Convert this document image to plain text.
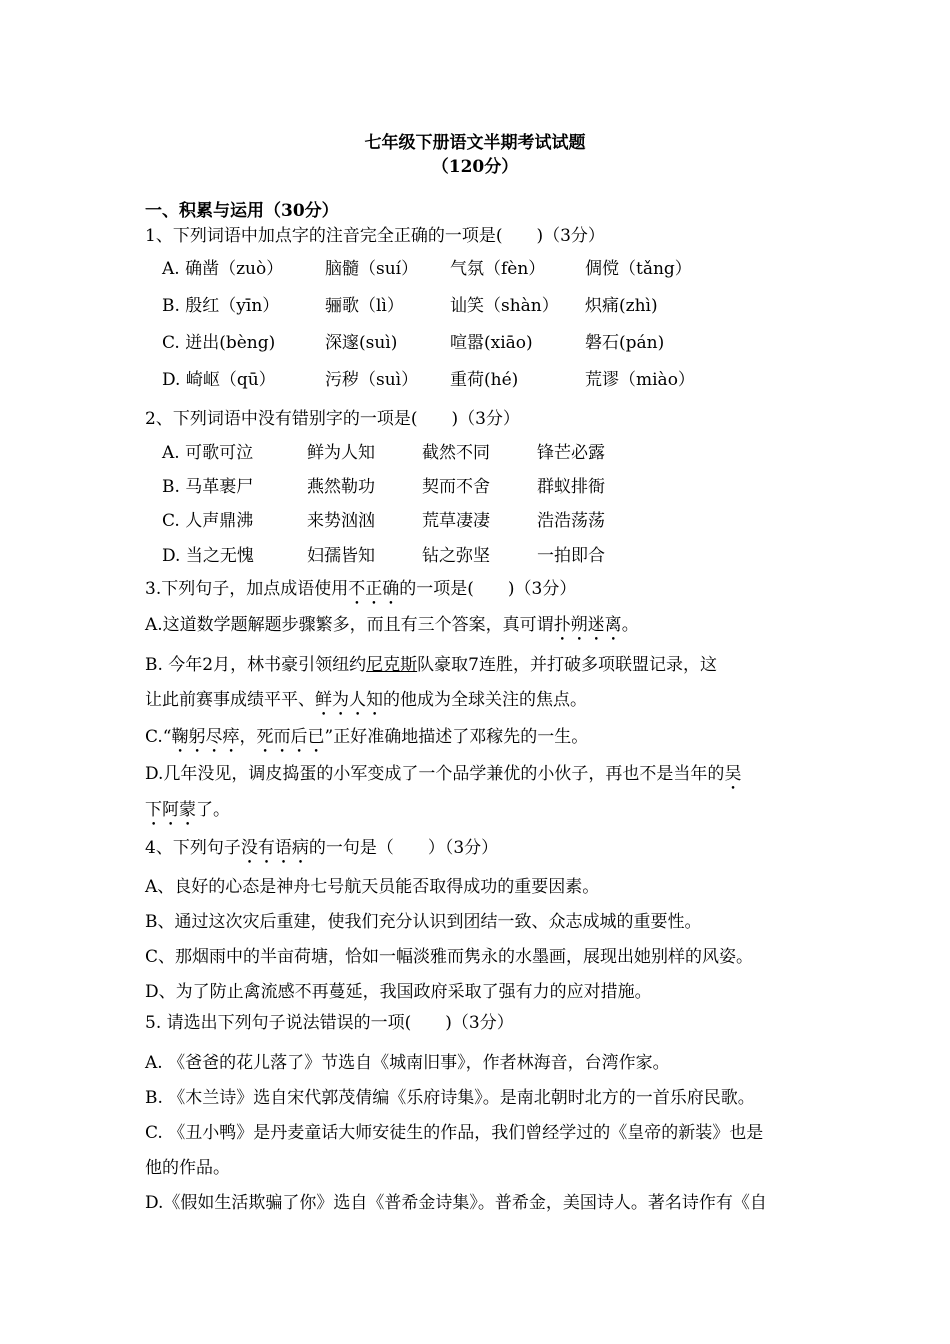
七年级下册语文半期考试试题
（120分）
一、积累与运用（30分）
1、下列词语中加点字的注音完全正确的一项是(　　)（3分）
A. 确凿（zuò） 脑髓（suí） 气氛（fèn） 倜傥（tǎng）
B. 殷红（yīn）	骊歌（lì）	讪笑（shàn） 炽痛(zhì)
C. 迸出(bèng)	深邃(suì)	喧嚣(xiāo)	磐石(pán)
D. 崎岖（qū）	污秽（suì） 重荷(hé)	荒谬（miào）
2、下列词语中没有错别字的一项是(　　)（3分）
A. 可歌可泣	鲜为人知	截然不同	锋芒必露
B. 马革裹尸	燕然勒功	契而不舍	群蚁排衙
C. 人声鼎沸	来势汹汹	荒草凄凄	浩浩荡荡
D. 当之无愧	妇孺皆知	钻之弥坚	一拍即合
3.下列句子，加点成语使用不正确的一项是(　　)（3分）
A.这道数学题解题步骤繁多，而且有三个答案，真可谓扑朔迷离。
B. 今年2月，林书豪引领纽约尼克斯队豪取7连胜，并打破多项联盟记录，这
让此前赛事成绩平平、鲜为人知的他成为全球关注的焦点。
C.“鞠躬尽瘁，死而后已”正好准确地描述了邓稼先的一生。
D.几年没见，调皮捣蛋的小军变成了一个品学兼优的小伙子，再也不是当年的吴
下阿蒙了。
4、下列句子没有语病的一句是（　　）（3分）
A、良好的心态是神舟七号航天员能否取得成功的重要因素。
B、通过这次灾后重建，使我们充分认识到团结一致、众志成城的重要性。
C、那烟雨中的半亩荷塘，恰如一幅淡雅而隽永的水墨画，展现出她别样的风姿。
D、为了防止禽流感不再蔓延，我国政府采取了强有力的应对措施。
5. 请选出下列句子说法错误的一项(　　)（3分）
A. 《爸爸的花儿落了》节选自《城南旧事》，作者林海音，台湾作家。
B. 《木兰诗》选自宋代郭茂倩编《乐府诗集》。是南北朝时北方的一首乐府民歌。
C. 《丑小鸭》是丹麦童话大师安徒生的作品，我们曾经学过的《皇帝的新装》也是
他的作品。
D.《假如生活欺骗了你》选自《普希金诗集》。普希金，美国诗人。著名诗作有《自
